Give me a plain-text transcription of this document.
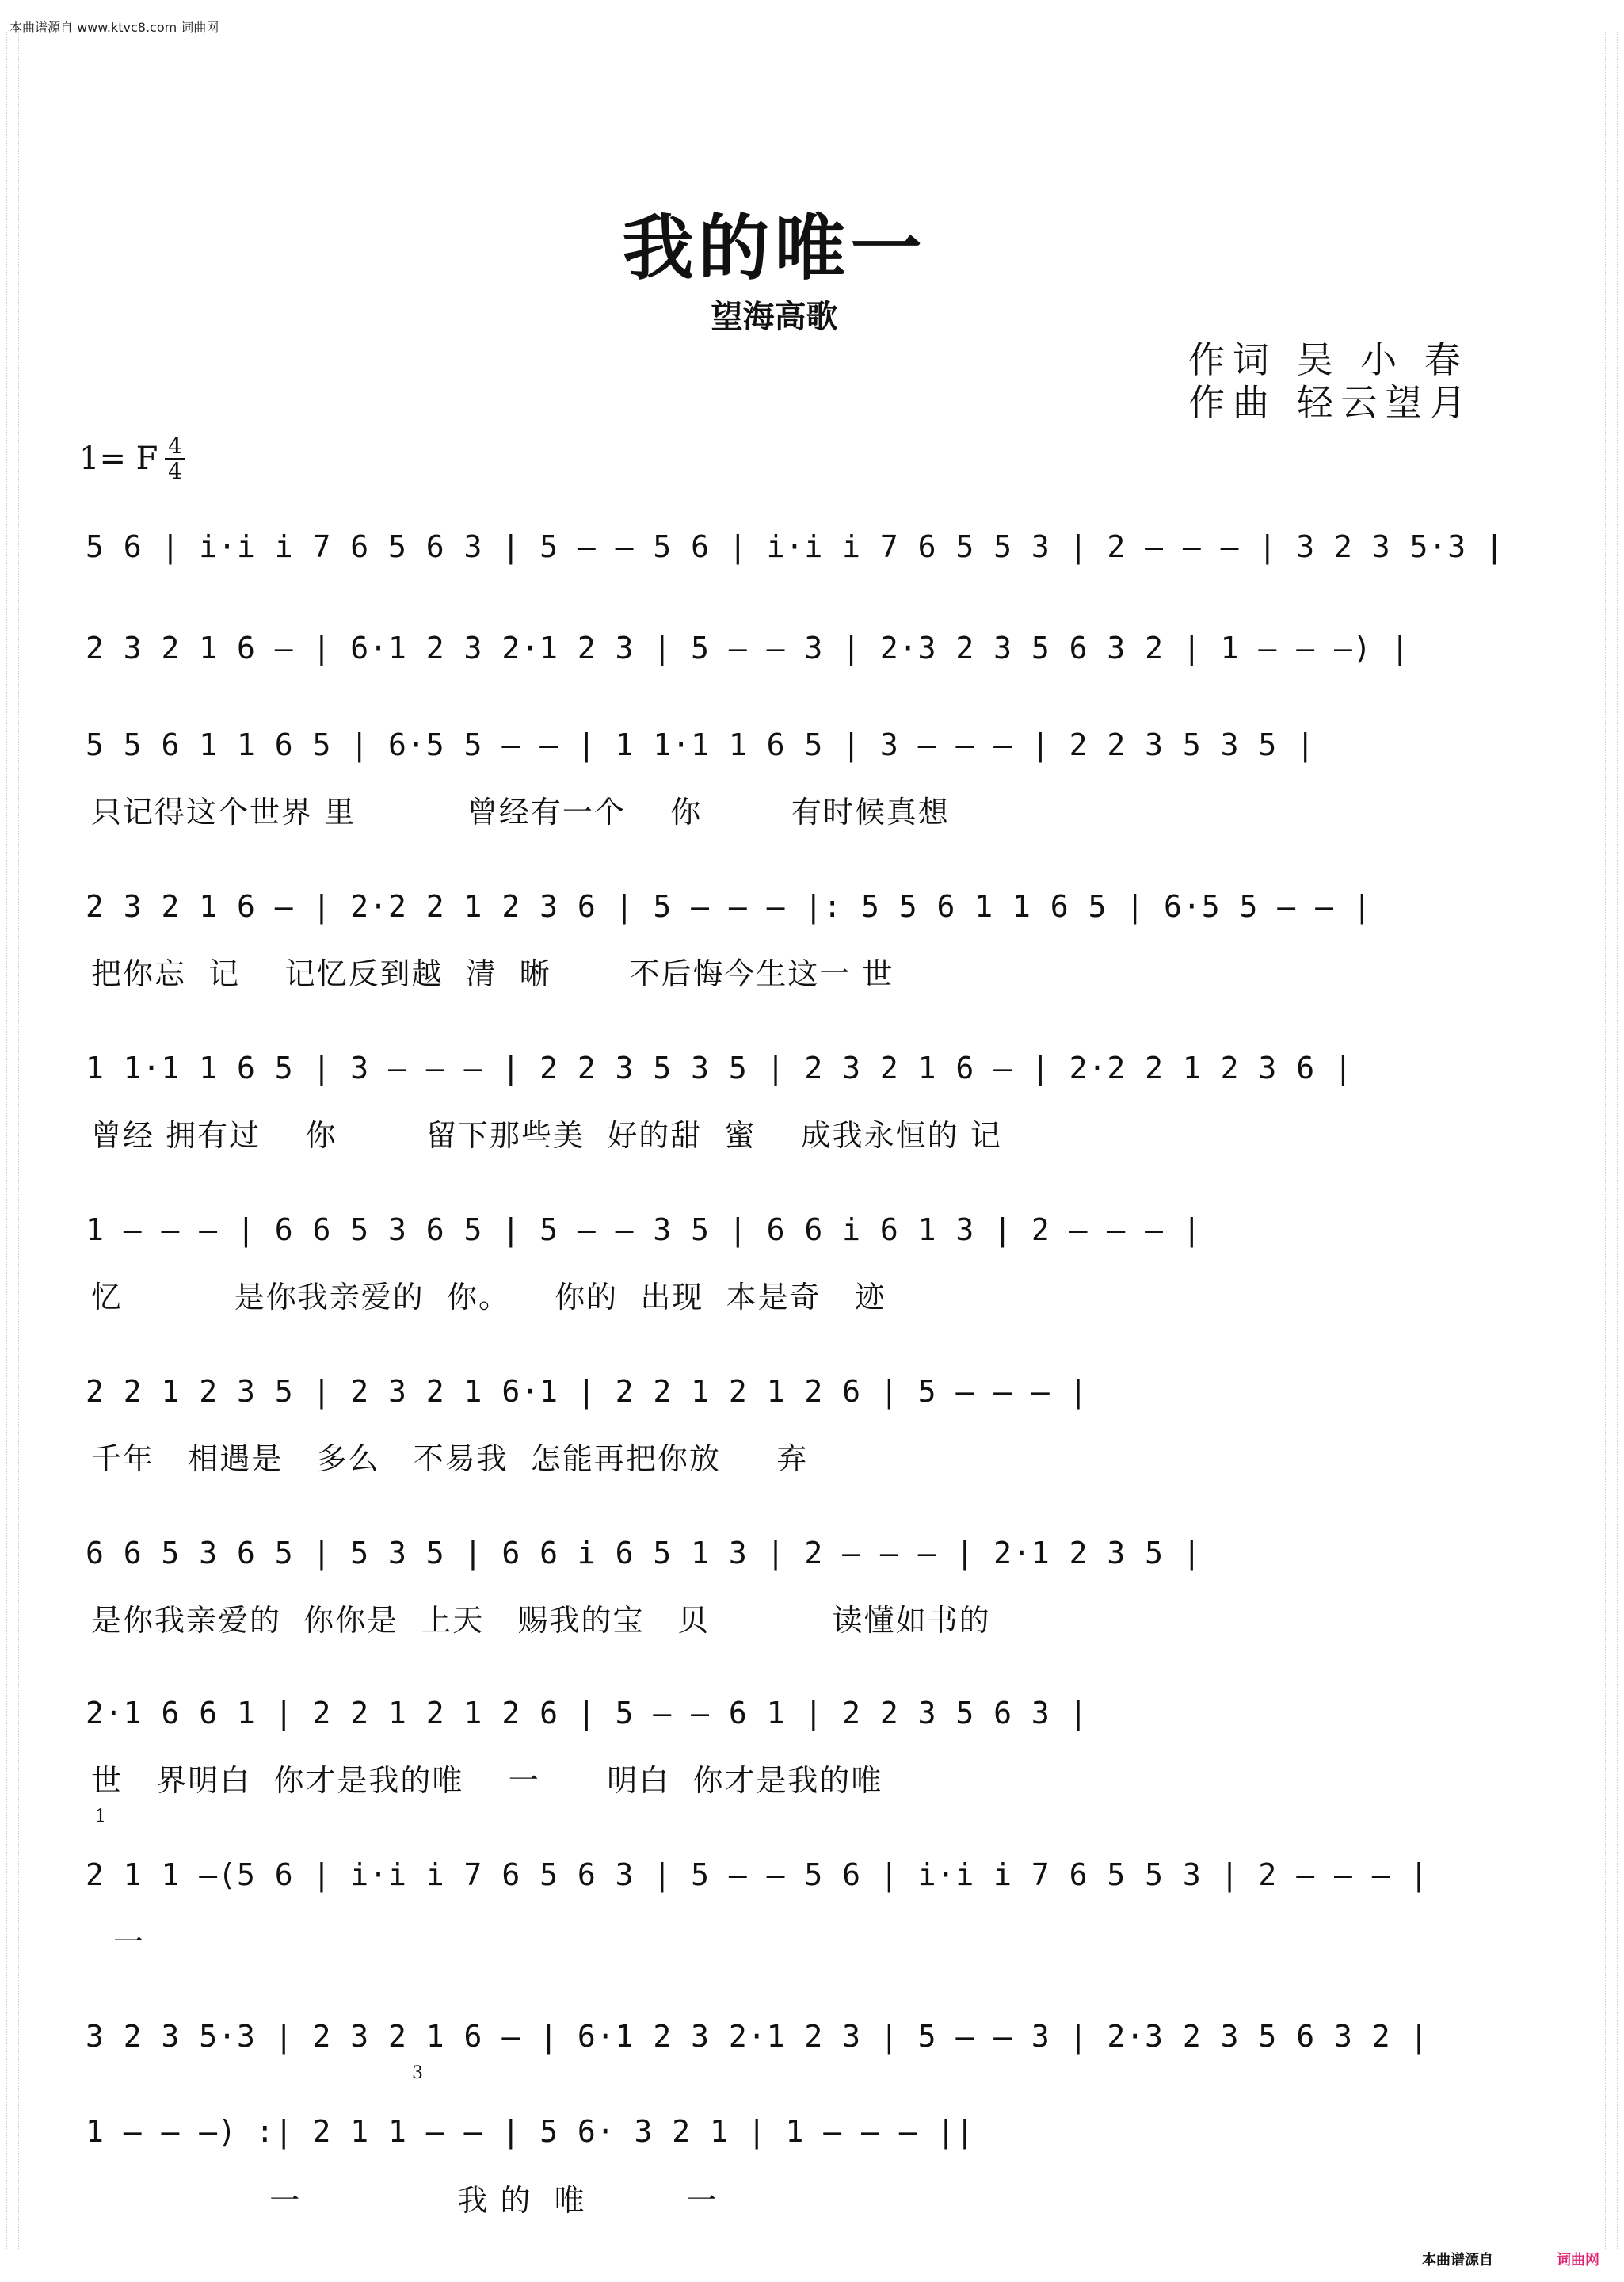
本曲谱源自 www.ktvc8.com 词曲网
我的唯一
望海高歌
作词 吴 小 春
作曲 轻云望月
1= F 4
4
5 6 | i·i i 7 6 5 6 3 | 5 — — 5 6 | i·i i 7 6 5 5 3 | 2 — — — | 3 2 3 5·3 |
2 3 2 1 6 — | 6·1 2 3 2·1 2 3 | 5 — — 3 | 2·3 2 3 5 6 3 2 | 1 — — —) |
5 5 6 1 1 6 5 | 6·5 5 — — | 1 1·1 1 6 5 | 3 — — — | 2 2 3 5 3 5 |
只记得这个世界 里          曾经有一个    你        有时候真想
2 3 2 1 6 — | 2·2 2 1 2 3 6 | 5 — — — |: 5 5 6 1 1 6 5 | 6·5 5 — — |
把你忘  记    记忆反到越  清  晰       不后悔今生这一 世
1 1·1 1 6 5 | 3 — — — | 2 2 3 5 3 5 | 2 3 2 1 6 — | 2·2 2 1 2 3 6 |
曾经 拥有过    你        留下那些美  好的甜  蜜    成我永恒的 记
1 — — — | 6 6 5 3 6 5 | 5 — — 3 5 | 6 6 i 6 1 3 | 2 — — — |
忆          是你我亲爱的  你。    你的  出现  本是奇   迹
2 2 1 2 3 5 | 2 3 2 1 6·1 | 2 2 1 2 1 2 6 | 5 — — — |
千年   相遇是   多么   不易我  怎能再把你放     弃
6 6 5 3 6 5 | 5 3 5 | 6 6 i 6 5 1 3 | 2 — — — | 2·1 2 3 5 |
是你我亲爱的  你你是  上天   赐我的宝   贝           读懂如书的
2·1 6 6 1 | 2 2 1 2 1 2 6 | 5 — — 6 1 | 2 2 3 5 6 3 |
世   界明白  你才是我的唯    一      明白  你才是我的唯
1
2 1 1 —(5 6 | i·i i 7 6 5 6 3 | 5 — — 5 6 | i·i i 7 6 5 5 3 | 2 — — — |
一
3 2 3 5·3 | 2 3 2 1 6 — | 6·1 2 3 2·1 2 3 | 5 — — 3 | 2·3 2 3 5 6 3 2 |
3
1 — — —) :| 2 1 1 — — | 5 6· 3 2 1 | 1 — — — ||
一              我 的  唯         一
本曲谱源自	词曲网
